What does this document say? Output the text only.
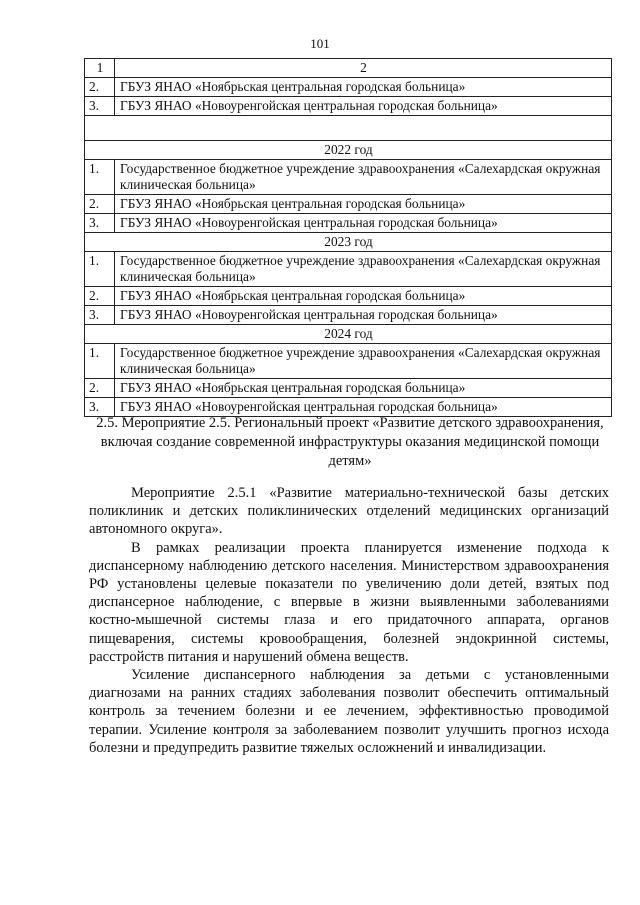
101
1	2
2.	ГБУЗ ЯНАО «Ноябрьская центральная городская больница»
3.	ГБУЗ ЯНАО «Новоуренгойская центральная городская больница»

2022 год	
1.	Государственное бюджетное учреждение здравоохранения «Салехардская окружная клиническая больница»
2.	ГБУЗ ЯНАО «Ноябрьская центральная городская больница»
3.	ГБУЗ ЯНАО «Новоуренгойская центральная городская больница»
2023 год	
1.	Государственное бюджетное учреждение здравоохранения «Салехардская окружная клиническая больница»
2.	ГБУЗ ЯНАО «Ноябрьская центральная городская больница»
3.	ГБУЗ ЯНАО «Новоуренгойская центральная городская больница»
2024 год	
1.	Государственное бюджетное учреждение здравоохранения «Салехардская окружная клиническая больница»
2.	ГБУЗ ЯНАО «Ноябрьская центральная городская больница»
3.	ГБУЗ ЯНАО «Новоуренгойская центральная городская больница»
2.5. Мероприятие 2.5. Региональный проект «Развитие детского здравоохранения, включая создание современной инфраструктуры оказания медицинской помощи детям»

Мероприятие 2.5.1 «Развитие материально-технической базы детских поликлиник и детских поликлинических отделений медицинских организаций автономного округа».

В рамках реализации проекта планируется изменение подхода к диспансерному наблюдению детского населения. Министерством здравоохранения РФ установлены целевые показатели по увеличению доли детей, взятых под диспансерное наблюдение, с впервые в жизни выявленными заболеваниями костно-мышечной системы глаза и его придаточного аппарата, органов пищеварения, системы кровообращения, болезней эндокринной системы, расстройств питания и нарушений обмена веществ.

Усиление диспансерного наблюдения за детьми с установленными диагнозами на ранних стадиях заболевания позволит обеспечить оптимальный контроль за течением болезни и ее лечением, эффективностью проводимой терапии. Усиление контроля за заболеванием позволит улучшить прогноз исхода болезни и предупредить развитие тяжелых осложнений и инвалидизации.
